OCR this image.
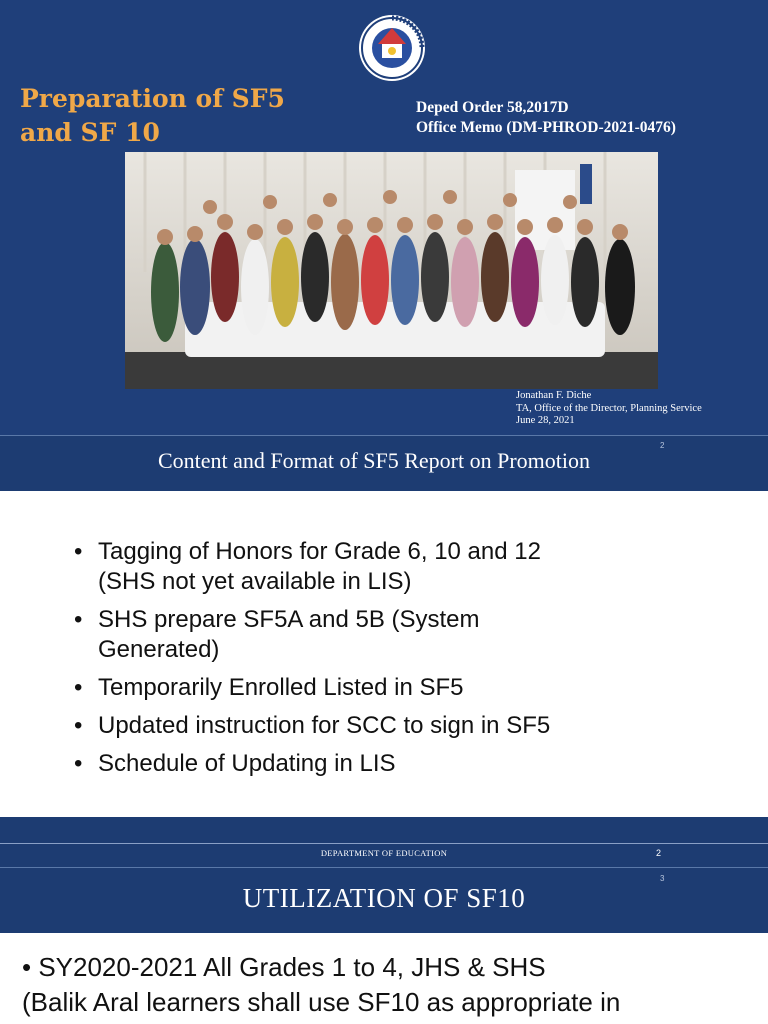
Preparation of SF5
and SF 10
Deped Order 58,2017D
Office Memo (DM-PHROD-2021-0476)
Jonathan F. Diche
TA, Office of the Director, Planning Service
June 28, 2021
2
Content and Format of SF5 Report on Promotion
• Tagging of Honors for Grade 6, 10 and 12
(SHS not yet available in LIS)
• SHS prepare SF5A and 5B (System
Generated)
• Temporarily Enrolled Listed in SF5
• Updated instruction for SCC to sign in SF5
• Schedule of Updating in LIS
DEPARTMENT OF EDUCATION	2
3
UTILIZATION OF SF10
• SY2020-2021 All Grades 1 to 4, JHS & SHS
(Balik Aral learners shall use SF10 as appropriate in
